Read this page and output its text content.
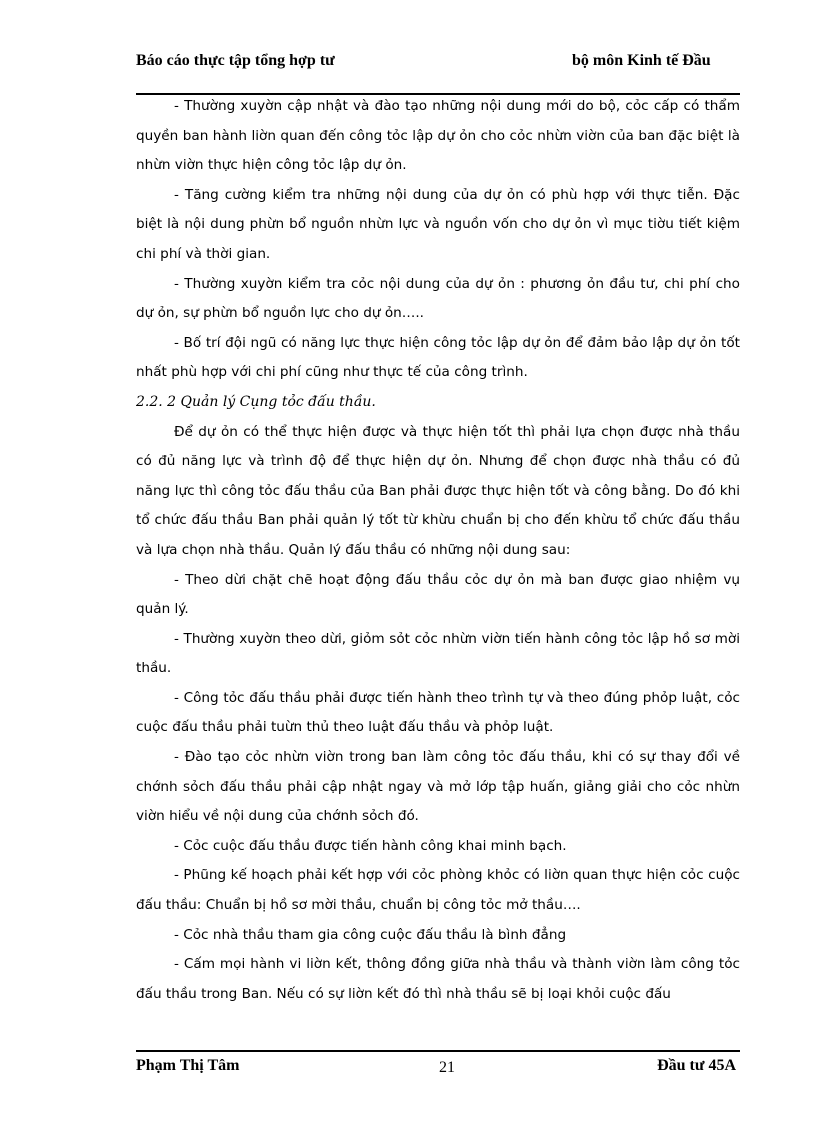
Báo cáo thực tập tổng hợp tư	bộ môn Kinh tế Đầu

- Thường xuyờn cập nhật và đào tạo những nội dung mới do bộ, cỏc cấp có thẩm quyền ban hành liờn quan đến công tỏc lập dự ỏn cho cỏc nhừn viờn của ban đặc biệt là nhừn viờn thực hiện công tỏc lập dự ỏn.

- Tăng cường kiểm tra những nội dung của dự ỏn có phù hợp với thực tiễn. Đặc biệt là nội dung phừn bổ nguồn nhừn lực và nguồn vốn cho dự ỏn vì mục tiờu tiết kiệm chi phí và thời gian.

- Thường xuyờn kiểm tra cỏc nội dung của dự ỏn : phương ỏn đầu tư, chi phí cho dự ỏn, sự phừn bổ nguồn lực cho dự ỏn…..

- Bố trí đội ngũ có năng lực thực hiện công tỏc lập dự ỏn để đảm bảo lập dự ỏn tốt nhất phù hợp với chi phí cũng như thực tế của công trình.

2.2. 2 Quản lý Cụng tỏc đấu thầu.

Để dự ỏn có thể thực hiện được và thực hiện tốt thì phải lựa chọn được nhà thầu có đủ năng lực và trình độ để thực hiện dự ỏn. Nhưng để chọn được nhà thầu có đủ năng lực thì công tỏc đấu thầu của Ban phải được thực hiện tốt và công bằng. Do đó khi tổ chức đấu thầu Ban phải quản lý tốt từ khừu chuẩn bị cho đến khừu tổ chức đấu thầu và lựa chọn nhà thầu. Quản lý đấu thầu có những nội dung sau:

- Theo dừi chặt chẽ hoạt động đấu thầu cỏc dự ỏn mà ban được giao nhiệm vụ quản lý.

- Thường xuyờn theo dừi, giỏm sỏt cỏc nhừn viờn tiến hành công tỏc lập hồ sơ mời thầu.

- Công tỏc đấu thầu phải được tiến hành theo trình tự và theo đúng phỏp luật, cỏc cuộc đấu thầu phải tuừn thủ theo luật đấu thầu và phỏp luật.

- Đào tạo cỏc nhừn viờn trong ban làm công tỏc đấu thầu, khi có sự thay đổi về chớnh sỏch đấu thầu phải cập nhật ngay và mở lớp tập huấn, giảng giải cho cỏc nhừn viờn hiểu về nội dung của chớnh sỏch đó.

- Cỏc cuộc đấu thầu được tiến hành công khai minh bạch.

- Phũng kế hoạch phải kết hợp với cỏc phòng khỏc có liờn quan thực hiện cỏc cuộc đấu thầu: Chuẩn bị hồ sơ mời thầu, chuẩn bị công tỏc mở thầu….

- Cỏc nhà thầu tham gia công cuộc đấu thầu là bình đẳng

- Cấm mọi hành vi liờn kết, thông đồng giữa nhà thầu và thành viờn làm công tỏc đấu thầu trong Ban. Nếu có sự liờn kết đó thì nhà thầu sẽ bị loại khỏi cuộc đấu

Phạm Thị Tâm	21	Đầu tư 45A
